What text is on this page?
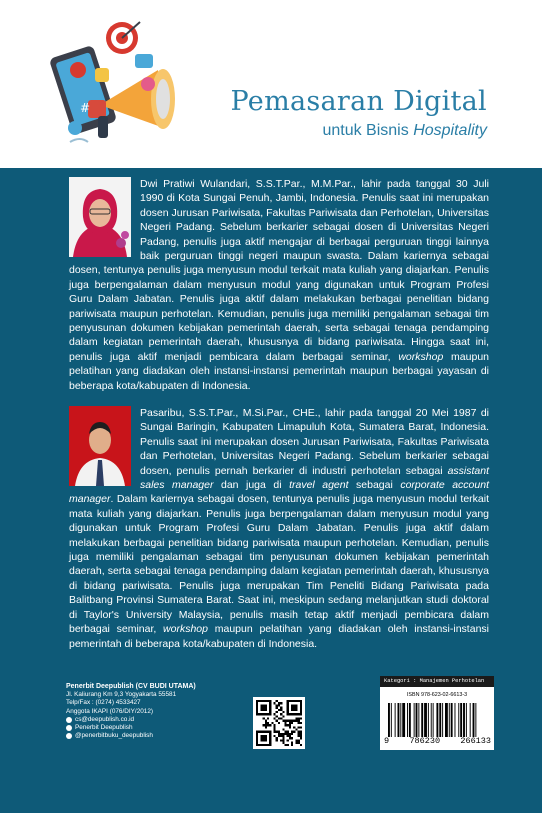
#	Pemasaran Digital
untuk Bisnis Hospitality
Dwi Pratiwi Wulandari, S.S.T.Par., M.M.Par., lahir pada tanggal 30 Juli 1990 di Kota Sungai Penuh, Jambi, Indonesia. Penulis saat ini merupakan dosen Jurusan Pariwisata, Fakultas Pariwisata dan Perhotelan, Universitas Negeri Padang. Sebelum berkarier sebagai dosen di Universitas Negeri Padang, penulis juga aktif mengajar di berbagai perguruan tinggi lainnya baik perguruan tinggi negeri maupun swasta. Dalam kariernya sebagai dosen, tentunya penulis juga menyusun modul terkait mata kuliah yang diajarkan. Penulis juga berpengalaman dalam menyusun modul yang digunakan untuk Program Profesi Guru Dalam Jabatan. Penulis juga aktif dalam melakukan berbagai penelitian bidang pariwisata maupun perhotelan. Kemudian, penulis juga memiliki pengalaman sebagai tim penyusunan dokumen kebijakan pemerintah daerah, serta sebagai tenaga pendamping dalam kegiatan pemerintah daerah, khususnya di bidang pariwisata. Hingga saat ini, penulis juga aktif menjadi pembicara dalam berbagai seminar, workshop maupun pelatihan yang diadakan oleh instansi-instansi pemerintah maupun berbagai yayasan di beberapa kota/kabupaten di Indonesia.
Pasaribu, S.S.T.Par., M.Si.Par., CHE., lahir pada tanggal 20 Mei 1987 di Sungai Baringin, Kabupaten Limapuluh Kota, Sumatera Barat, Indonesia. Penulis saat ini merupakan dosen Jurusan Pariwisata, Fakultas Pariwisata dan Perhotelan, Universitas Negeri Padang. Sebelum berkarier sebagai dosen, penulis pernah berkarier di industri perhotelan sebagai assistant sales manager dan juga di travel agent sebagai corporate account manager. Dalam kariernya sebagai dosen, tentunya penulis juga menyusun modul terkait mata kuliah yang diajarkan. Penulis juga berpengalaman dalam menyusun modul yang digunakan untuk Program Profesi Guru Dalam Jabatan. Penulis juga aktif dalam melakukan berbagai penelitian bidang pariwisata maupun perhotelan. Kemudian, penulis juga memiliki pengalaman sebagai tim penyusunan dokumen kebijakan pemerintah daerah, serta sebagai tenaga pendamping dalam kegiatan pemerintah daerah, khususnya di bidang pariwisata. Penulis juga merupakan Tim Peneliti Bidang Pariwisata pada Balitbang Provinsi Sumatera Barat. Saat ini, meskipun sedang melanjutkan studi doktoral di Taylor's University Malaysia, penulis masih tetap aktif menjadi pembicara dalam berbagai seminar, workshop maupun pelatihan yang diadakan oleh instansi-instansi pemerintah di beberapa kota/kabupaten di Indonesia.
Penerbit Deepublish (CV BUDI UTAMA)
Jl. Kaliurang Km 9,3 Yogyakarta 55581
Telp/Fax : (0274) 4533427
Anggota IKAPI (076/DIY/2012)
cs@deepublish.co.id
Penerbit Deepublish
@penerbitbuku_deepublish
Kategori : Manajemen Perhotelan
ISBN 978-623-02-6613-3
9 786230 266133
